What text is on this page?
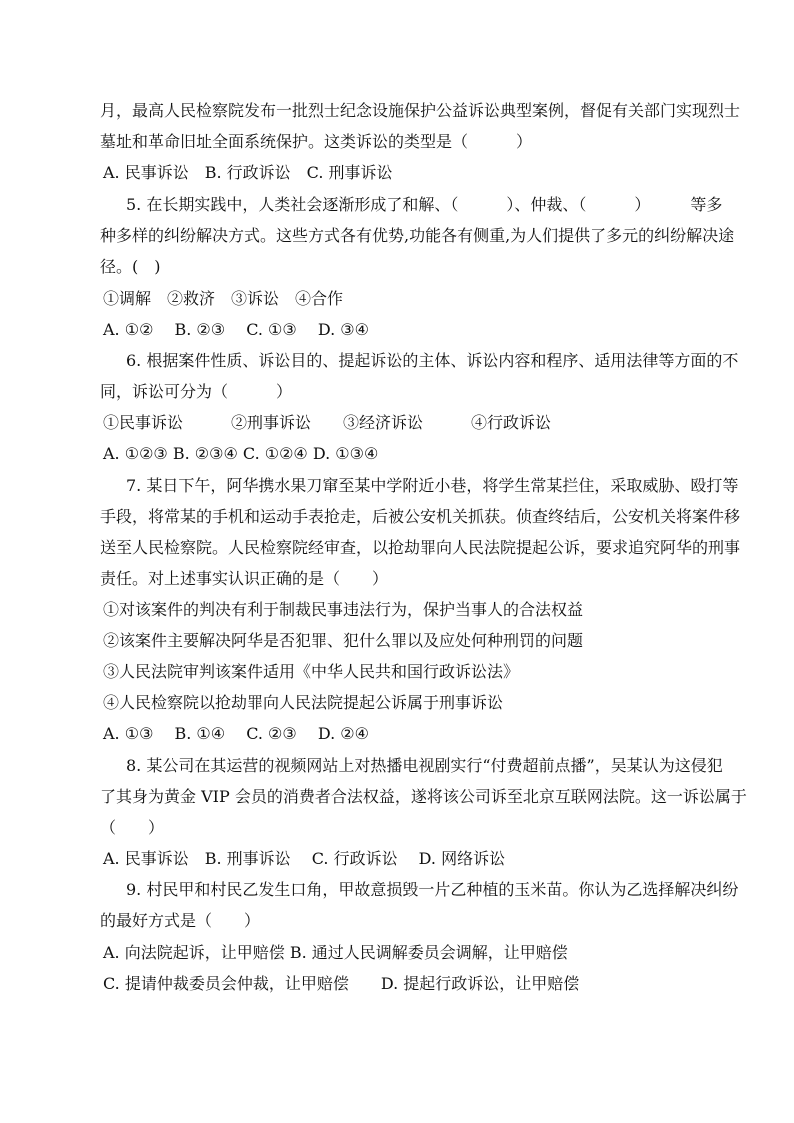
月，最高人民检察院发布一批烈士纪念设施保护公益诉讼典型案例，督促有关部门实现烈士
墓址和革命旧址全面系统保护。这类诉讼的类型是（　　　）
A. 民事诉讼　B. 行政诉讼　C. 刑事诉讼
5. 在长期实践中，人类社会逐渐形成了和解、（　　　）、仲裁、（　　　）　　　等多
种多样的纠纷解决方式。这些方式各有优势,功能各有侧重,为人们提供了多元的纠纷解决途
径。(　)
①调解　②救济　③诉讼　④合作
A. ①②　 B. ②③　 C. ①③　 D. ③④
6. 根据案件性质、诉讼目的、提起诉讼的主体、诉讼内容和程序、适用法律等方面的不
同，诉讼可分为（　　　）
①民事诉讼　　　②刑事诉讼　　③经济诉讼　　　④行政诉讼
A. ①②③ B. ②③④ C. ①②④ D. ①③④
7. 某日下午，阿华携水果刀窜至某中学附近小巷，将学生常某拦住，采取威胁、殴打等
手段，将常某的手机和运动手表抢走，后被公安机关抓获。侦查终结后，公安机关将案件移
送至人民检察院。人民检察院经审查，以抢劫罪向人民法院提起公诉，要求追究阿华的刑事
责任。对上述事实认识正确的是（　　）
①对该案件的判决有利于制裁民事违法行为，保护当事人的合法权益
②该案件主要解决阿华是否犯罪、犯什么罪以及应处何种刑罚的问题
③人民法院审判该案件适用《中华人民共和国行政诉讼法》
④人民检察院以抢劫罪向人民法院提起公诉属于刑事诉讼
A. ①③　 B. ①④　 C. ②③　 D. ②④
8. 某公司在其运营的视频网站上对热播电视剧实行“付费超前点播”，吴某认为这侵犯
了其身为黄金 VIP 会员的消费者合法权益，遂将该公司诉至北京互联网法院。这一诉讼属于
（　　）
A. 民事诉讼　B. 刑事诉讼　 C. 行政诉讼　 D. 网络诉讼
9. 村民甲和村民乙发生口角，甲故意损毁一片乙种植的玉米苗。你认为乙选择解决纠纷
的最好方式是（　　）
A. 向法院起诉，让甲赔偿 B. 通过人民调解委员会调解，让甲赔偿
C. 提请仲裁委员会仲裁，让甲赔偿　　D. 提起行政诉讼，让甲赔偿
